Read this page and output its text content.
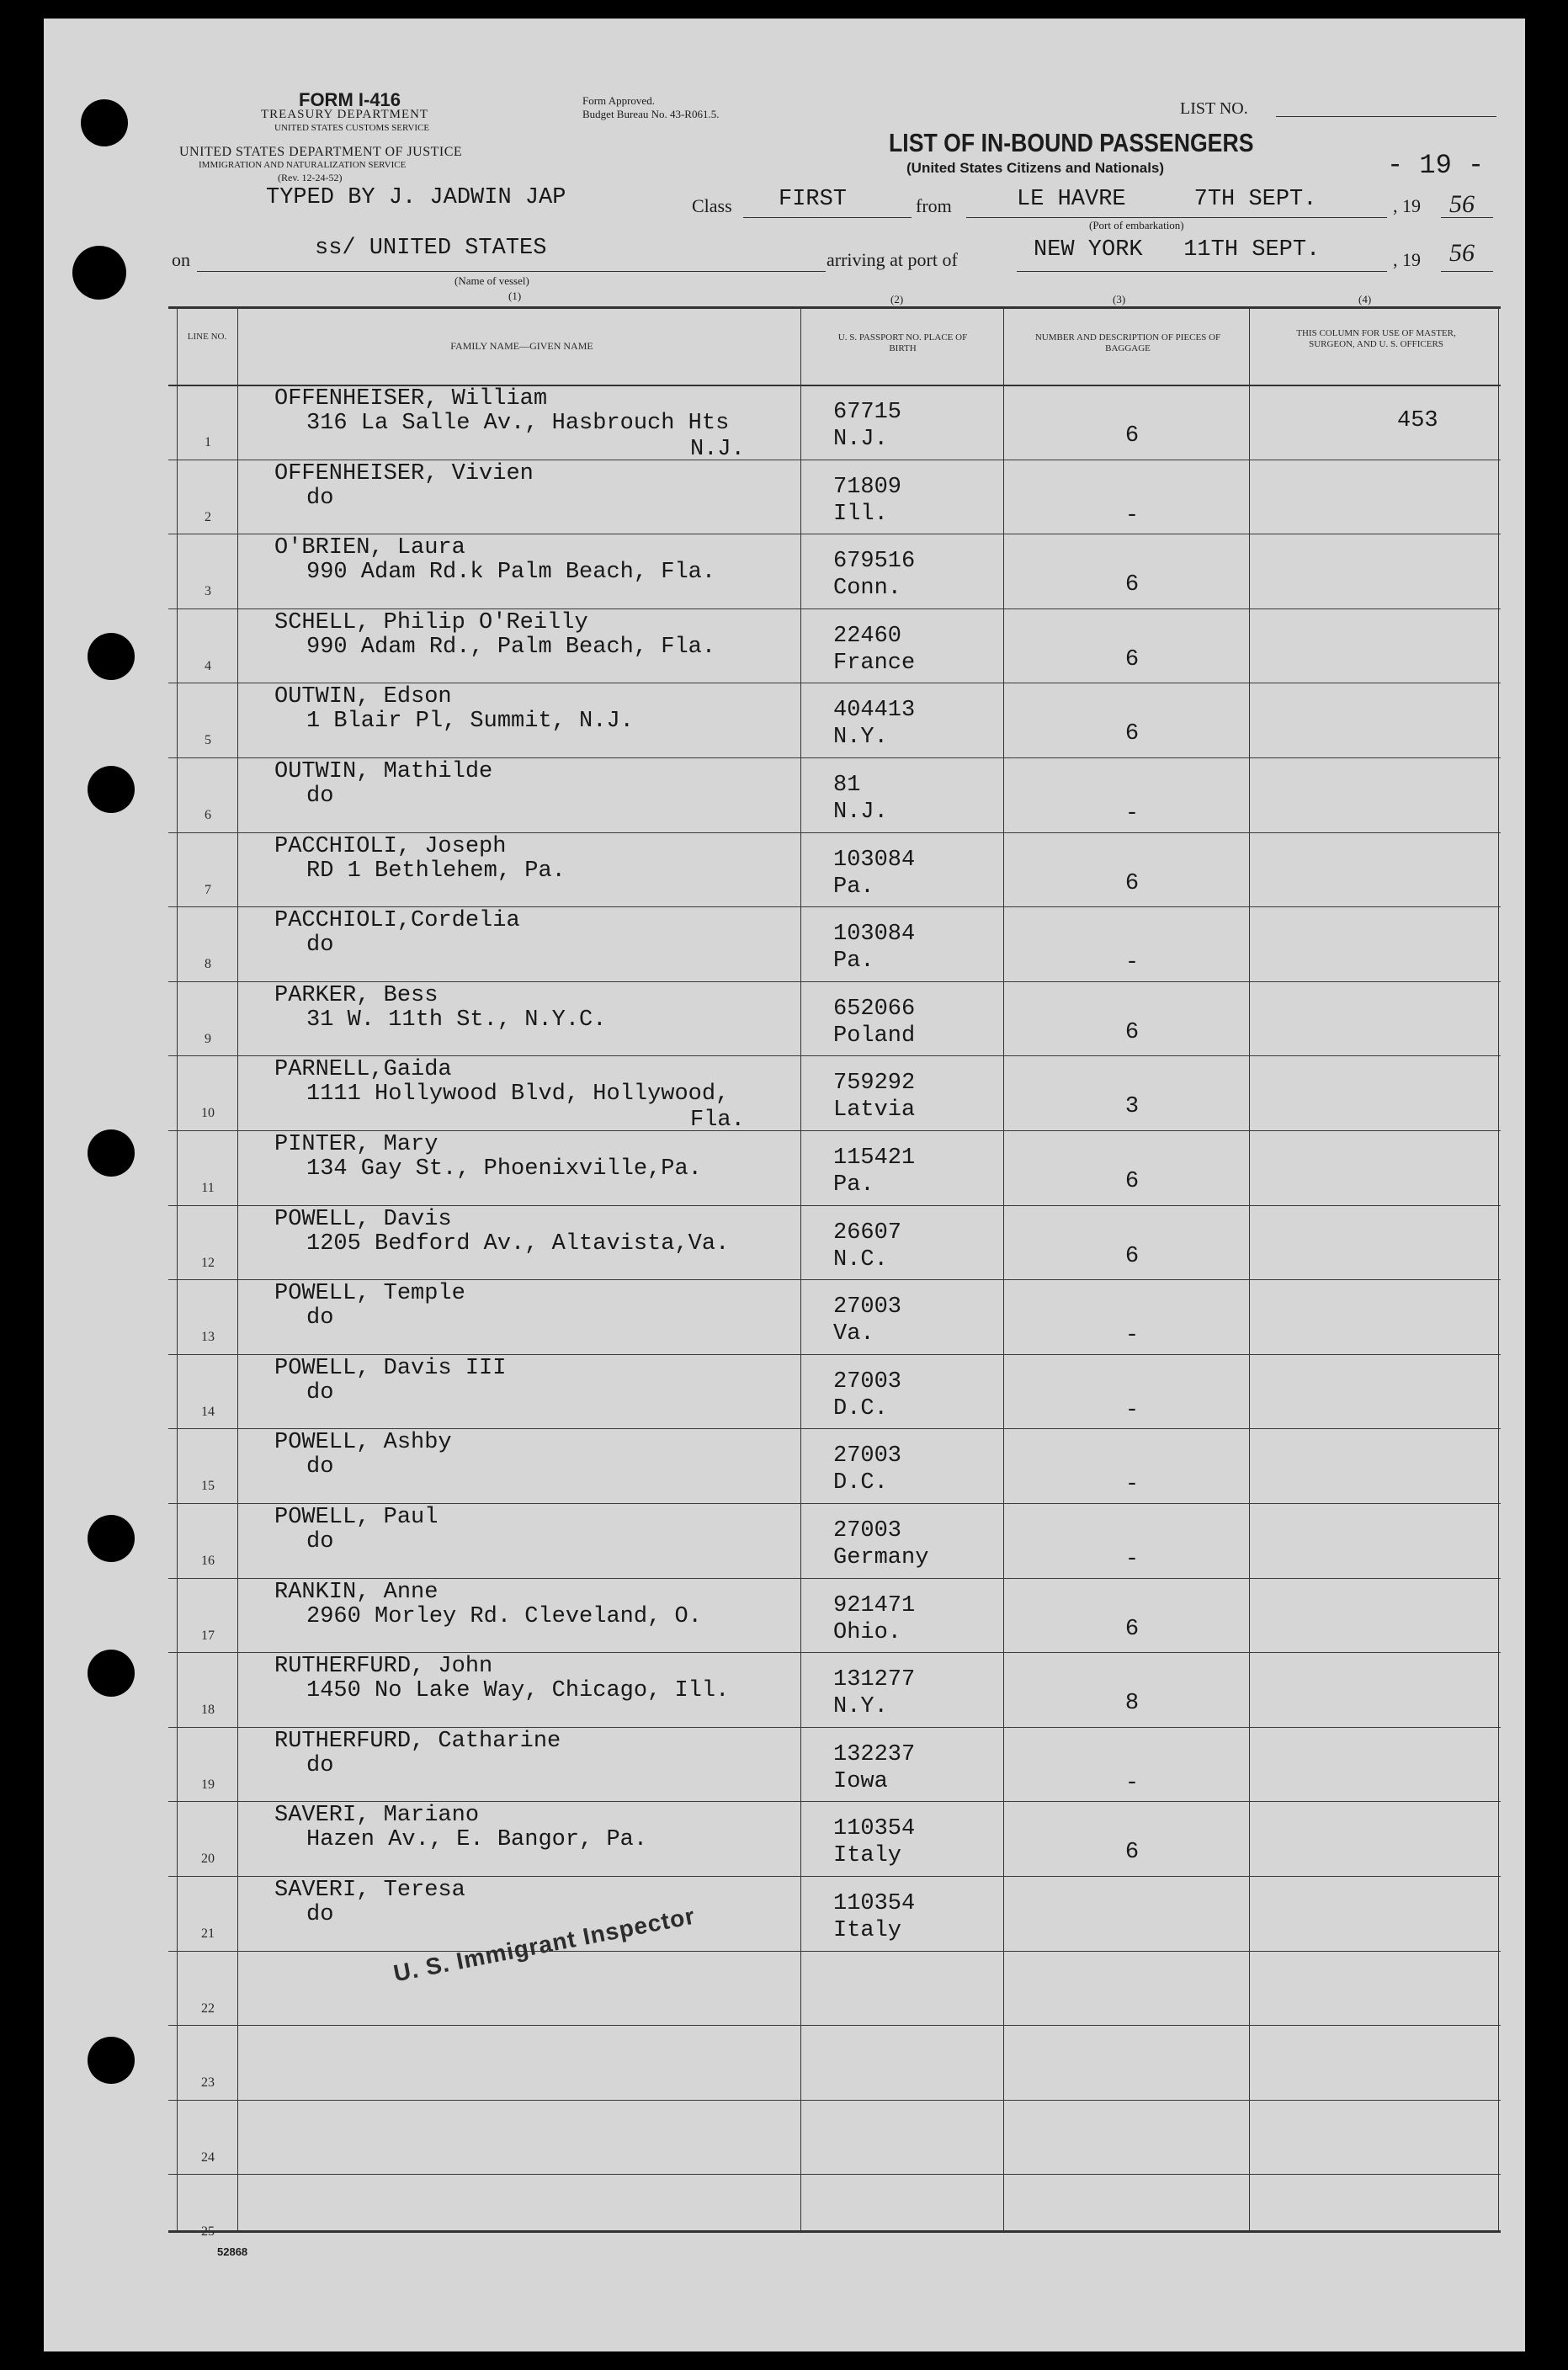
FORM I-416
TREASURY DEPARTMENT
UNITED STATES CUSTOMS SERVICE
Form Approved.
Budget Bureau No. 43-R061.5.
UNITED STATES DEPARTMENT OF JUSTICE
IMMIGRATION AND NATURALIZATION SERVICE
(Rev. 12-24-52)
TYPED BY J. JADWIN JAP
LIST NO.
LIST OF IN-BOUND PASSENGERS
(United States Citizens and Nationals)	- 19 -
Class FIRST	from	LE HAVRE     7TH SEPT.	, 19 56
(Port of embarkation)
on	ss/ UNITED STATES
(Name of vessel)
arriving at port of	NEW YORK   11TH SEPT.	, 19 56
(1)	(2)	(3)	(4)
LINE NO.
FAMILY NAME—GIVEN NAME
U. S. PASSPORT NO. PLACE OF BIRTH
NUMBER AND DESCRIPTION OF PIECES OF BAGGAGE
THIS COLUMN FOR USE OF MASTER, SURGEON, AND U. S. OFFICERS
1
OFFENHEISER, William
316 La Salle Av., Hasbrouch Hts
N.J.
67715
N.J.	6
453
2
OFFENHEISER, Vivien
do	71809
Ill.	-
3
O'BRIEN, Laura
990 Adam Rd.k Palm Beach, Fla.	679516
Conn.	6
4
SCHELL, Philip O'Reilly
990 Adam Rd., Palm Beach, Fla.	22460
France	6
5
OUTWIN, Edson
1 Blair Pl, Summit, N.J.	404413
N.Y.	6
6
OUTWIN, Mathilde
do	81
N.J.	-
7
PACCHIOLI, Joseph
RD 1 Bethlehem, Pa.	103084
Pa.	6
8
PACCHIOLI,Cordelia
do	103084
Pa.	-
9
PARKER, Bess
31 W. 11th St., N.Y.C.	652066
Poland	6
10
PARNELL,Gaida
1111 Hollywood Blvd, Hollywood,
Fla.
759292
Latvia	3
11
PINTER, Mary
134 Gay St., Phoenixville,Pa.	115421
Pa.	6
12
POWELL, Davis
1205 Bedford Av., Altavista,Va.	26607
N.C.	6
13
POWELL, Temple
do	27003
Va.	-
14
POWELL, Davis III
do	27003
D.C.	-
15
POWELL, Ashby
do	27003
D.C.	-
16
POWELL, Paul
do	27003
Germany	-
17
RANKIN, Anne
2960 Morley Rd. Cleveland, O.	921471
Ohio.	6
18
RUTHERFURD, John
1450 No Lake Way, Chicago, Ill.	131277
N.Y.	8
19
RUTHERFURD, Catharine
do	132237
Iowa	-
20
SAVERI, Mariano
Hazen Av., E. Bangor, Pa.	110354
Italy	6
21
SAVERI, Teresa
do	110354
Italy
22
23
24
25
U. S. Immigrant Inspector
52868
